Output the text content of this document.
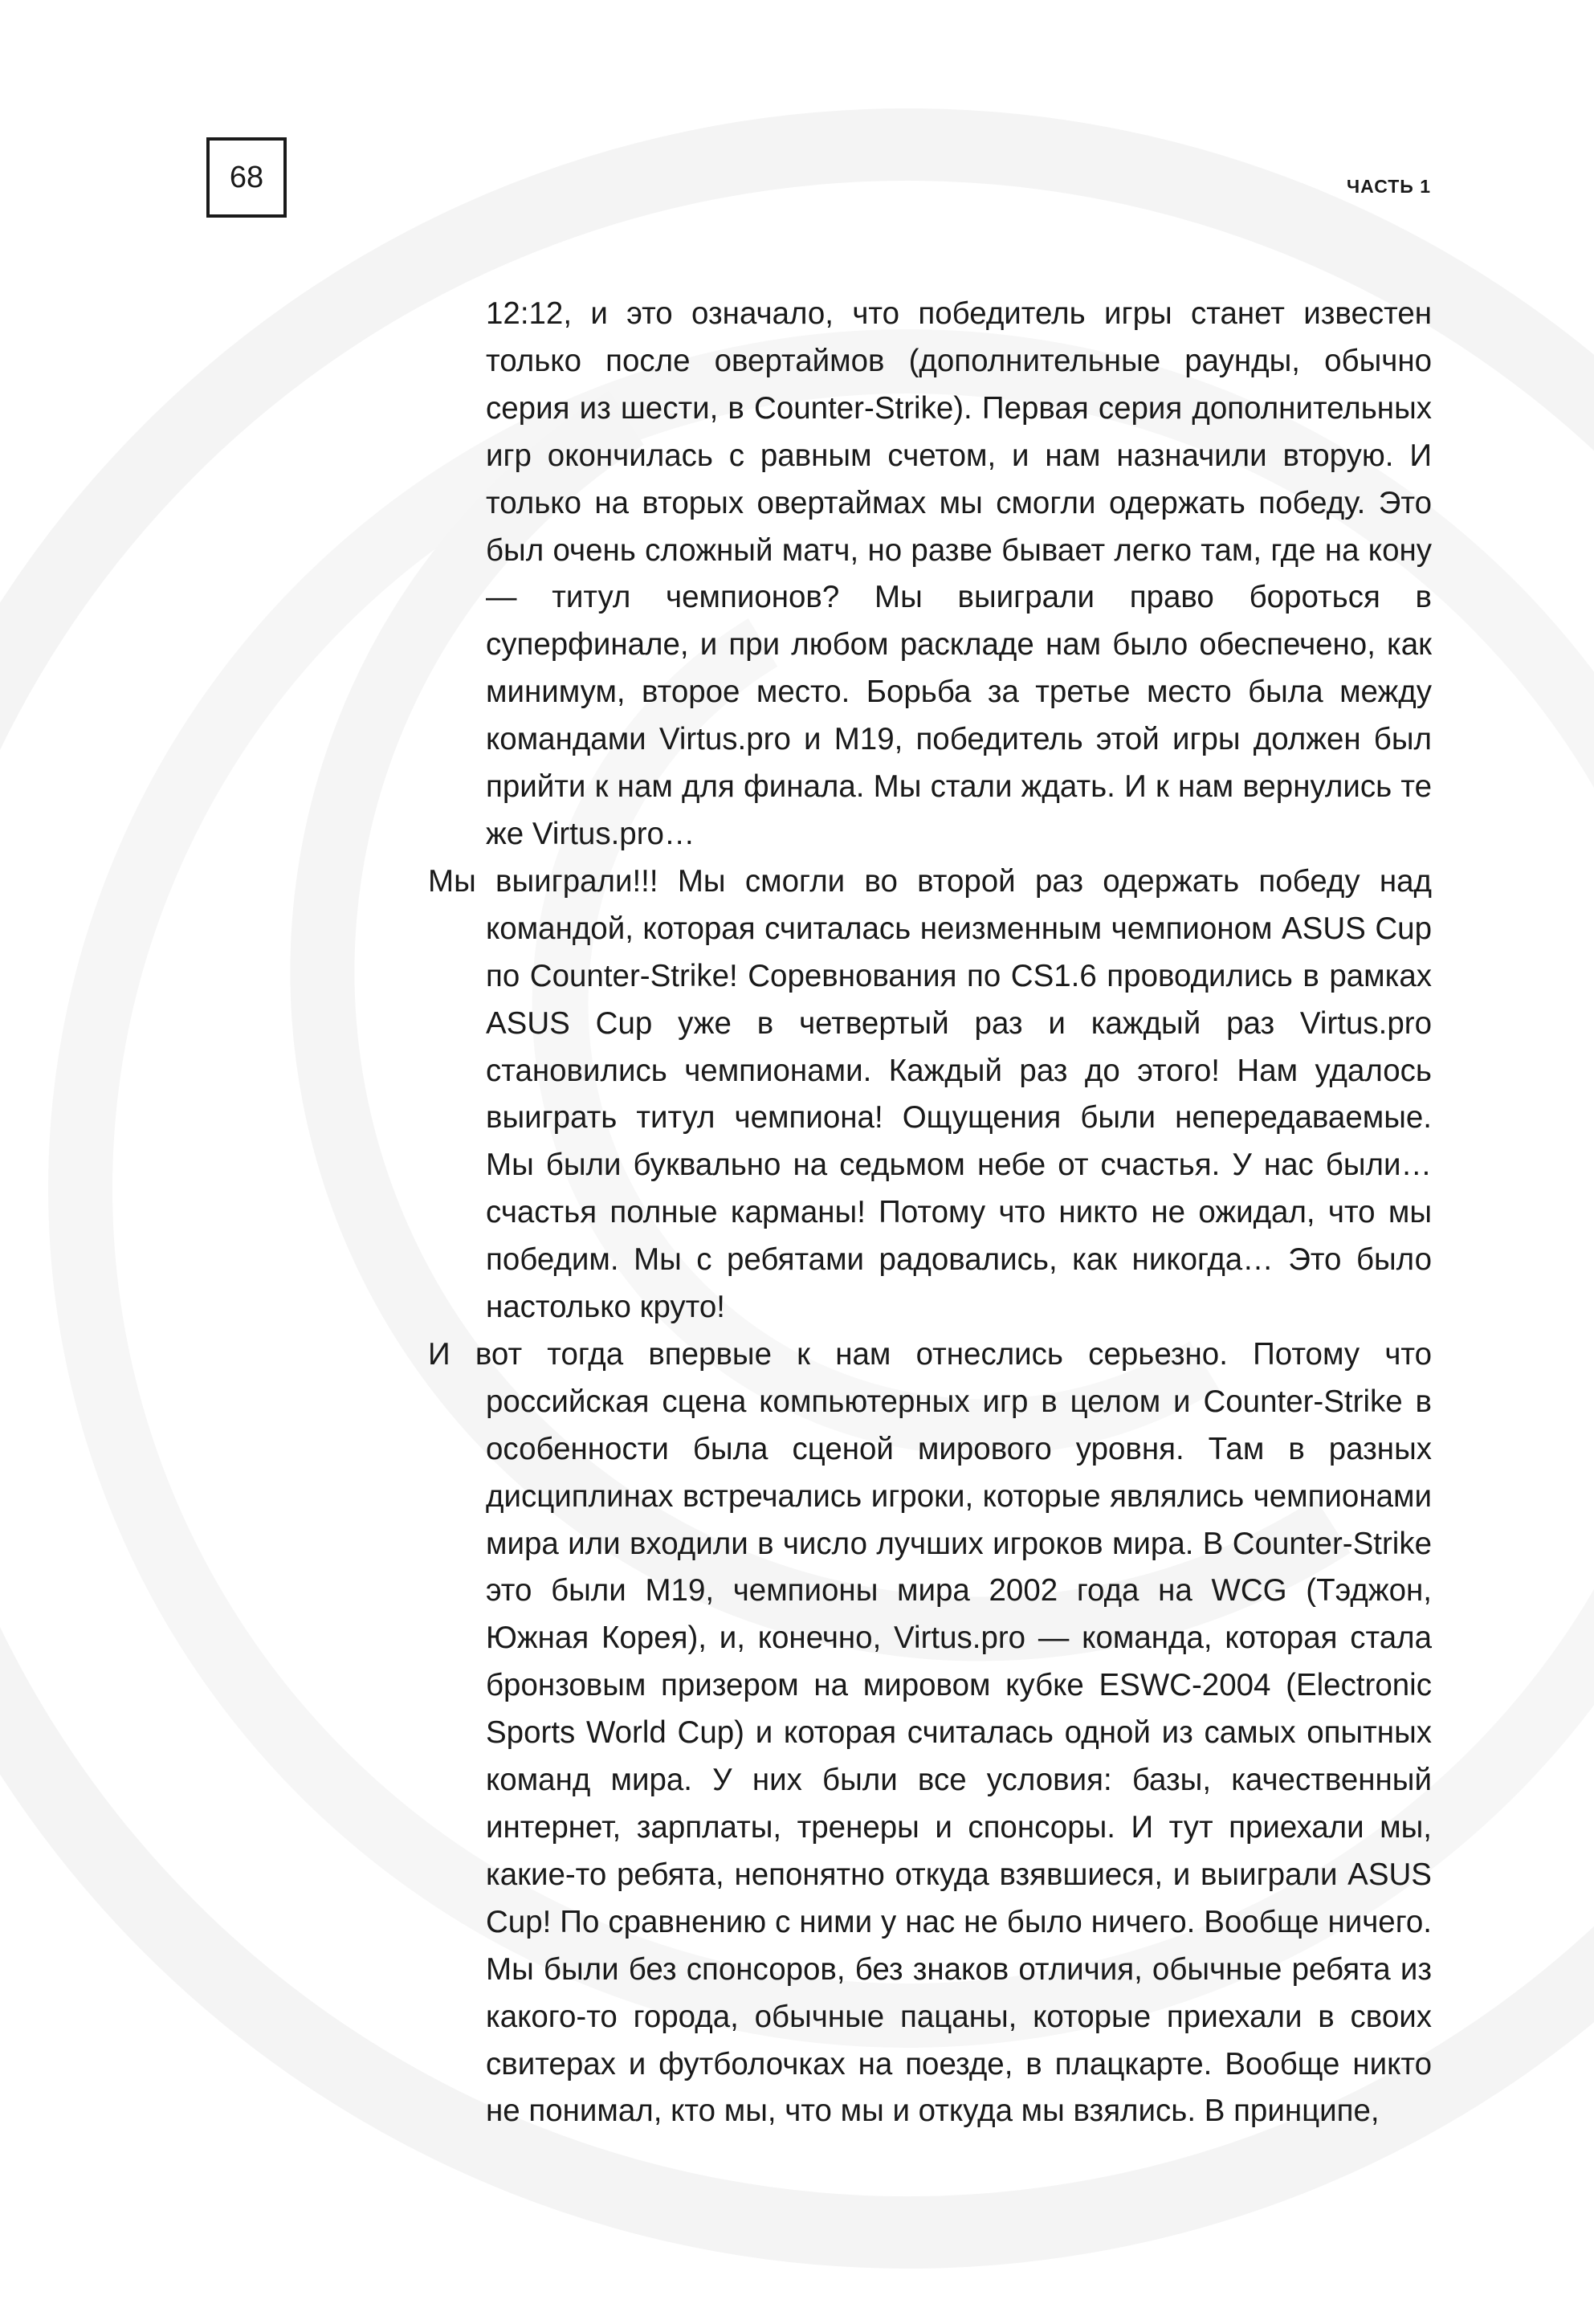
68	ЧАСТЬ 1

12:12, и это означало, что победитель игры станет известен только после овертаймов (дополнительные раунды, обычно серия из шести, в Counter-Strike). Первая серия дополнительных игр окончилась с равным счетом, и нам назначили вторую. И только на вторых овертаймах мы смогли одержать победу. Это был очень сложный матч, но разве бывает легко там, где на кону — титул чемпионов? Мы выиграли право бороться в суперфинале, и при любом раскладе нам было обеспечено, как минимум, второе место. Борьба за третье место была между командами Virtus.pro и M19, победитель этой игры должен был прийти к нам для финала. Мы стали ждать. И к нам вернулись те же Virtus.pro…

Мы выиграли!!! Мы смогли во второй раз одержать победу над командой, которая считалась неизменным чемпионом ASUS Cup по Counter-Strike! Соревнования по CS1.6 проводились в рамках ASUS Cup уже в четвертый раз и каждый раз Virtus.pro становились чемпионами. Каждый раз до этого! Нам удалось выиграть титул чемпиона! Ощущения были непередаваемые. Мы были буквально на седьмом небе от счастья. У нас были… счастья полные карманы! Потому что никто не ожидал, что мы победим. Мы с ребятами радовались, как никогда… Это было настолько круто!

И вот тогда впервые к нам отнеслись серьезно. Потому что российская сцена компьютерных игр в целом и Counter-Strike в особенности была сценой мирового уровня. Там в разных дисциплинах встречались игроки, которые являлись чемпионами мира или входили в число лучших игроков мира. В Counter-Strike это были M19, чемпионы мира 2002 года на WCG (Тэджон, Южная Корея), и, конечно, Virtus.pro — команда, которая стала бронзовым призером на мировом кубке ESWC-2004 (Electronic Sports World Cup) и которая считалась одной из самых опытных команд мира. У них были все условия: базы, качественный интернет, зарплаты, тренеры и спонсоры. И тут приехали мы, какие-то ребята, непонятно откуда взявшиеся, и выиграли ASUS Cup! По сравнению с ними у нас не было ничего. Вообще ничего. Мы были без спонсоров, без знаков отличия, обычные ребята из какого-то города, обычные пацаны, которые приехали в своих свитерах и футболочках на поезде, в плацкарте. Вообще никто не понимал, кто мы, что мы и откуда мы взялись. В принципе,
